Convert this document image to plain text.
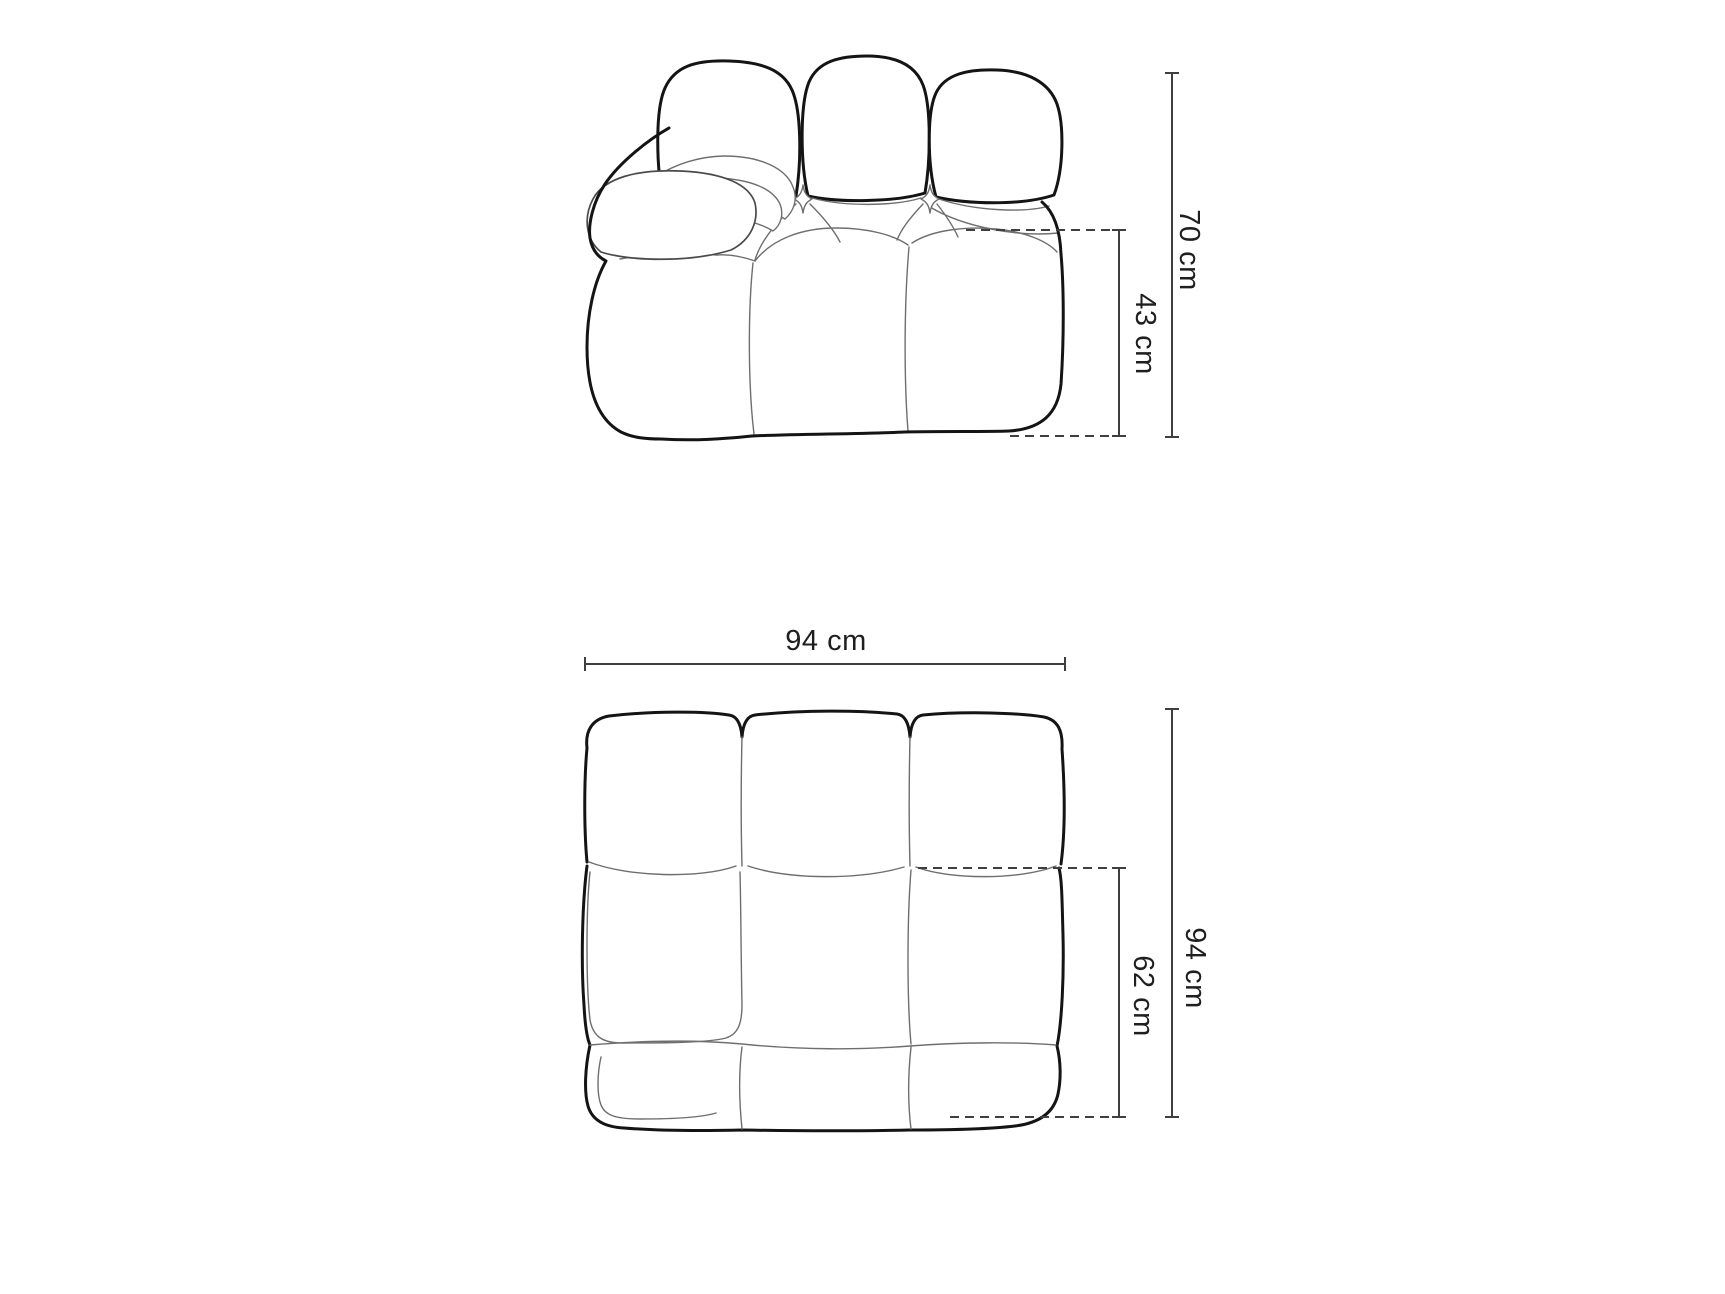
43 cm
70 cm
94 cm
62 cm 94 cm
